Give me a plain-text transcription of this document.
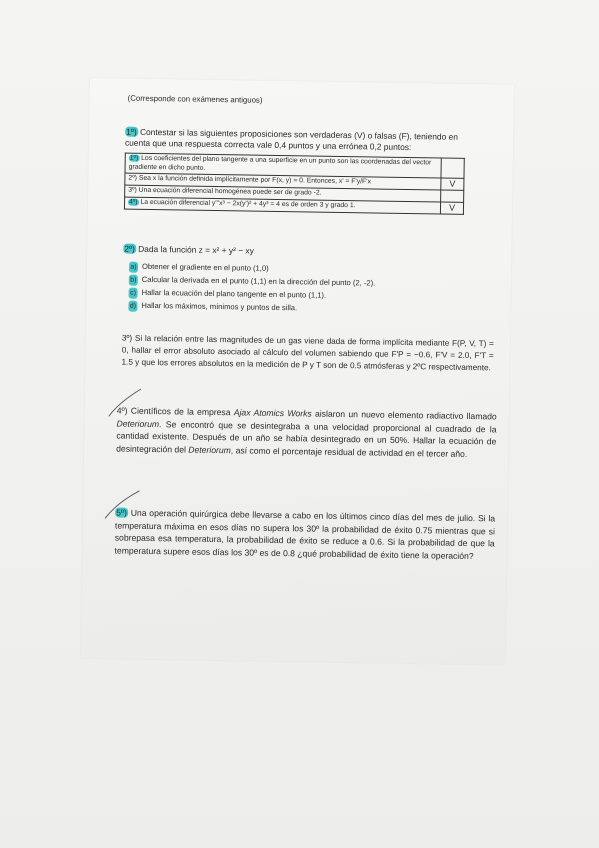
(Corresponde con exámenes antiguos)
1º) Contestar si las siguientes proposiciones son verdaderas (V) o falsas (F), teniendo en cuenta que una respuesta correcta vale 0,4 puntos y una errónea 0,2 puntos:
1º) Los coeficientes del plano tangente a una superficie en un punto son las coordenadas del vector gradiente en dicho punto.	
2º) Sea x la función definida implícitamente por F(x, y) = 0. Entonces, x' = F'y/F'x	V
3º) Una ecuación diferencial homogénea puede ser de grado -2.	
4º) La ecuación diferencial y'''x³ − 2x(y')² + 4y³ = 4 es de orden 3 y grado 1.	V
2º) Dada la función z = x² + y² − xy
a) Obtener el gradiente en el punto (1,0)
b) Calcular la derivada en el punto (1,1) en la dirección del punto (2, -2).
c) Hallar la ecuación del plano tangente en el punto (1,1).
d) Hallar los máximos, mínimos y puntos de silla.
3º) Si la relación entre las magnitudes de un gas viene dada de forma implícita mediante F(P, V, T) = 0, hallar el error absoluto asociado al cálculo del volumen sabiendo que F'P = −0.6, F'V = 2.0, F'T = 1.5 y que los errores absolutos en la medición de P y T son de 0.5 atmósferas y 2ºC respectivamente.
4º) Científicos de la empresa Ajax Atomics Works aislaron un nuevo elemento radiactivo llamado Deteriorum. Se encontró que se desintegraba a una velocidad proporcional al cuadrado de la cantidad existente. Después de un año se había desintegrado en un 50%. Hallar la ecuación de desintegración del Deteriorum, así como el porcentaje residual de actividad en el tercer año.
5º) Una operación quirúrgica debe llevarse a cabo en los últimos cinco días del mes de julio. Si la temperatura máxima en esos días no supera los 30º la probabilidad de éxito 0.75 mientras que si sobrepasa esa temperatura, la probabilidad de éxito se reduce a 0.6. Si la probabilidad de que la temperatura supere esos días los 30º es de 0.8 ¿qué probabilidad de éxito tiene la operación?
